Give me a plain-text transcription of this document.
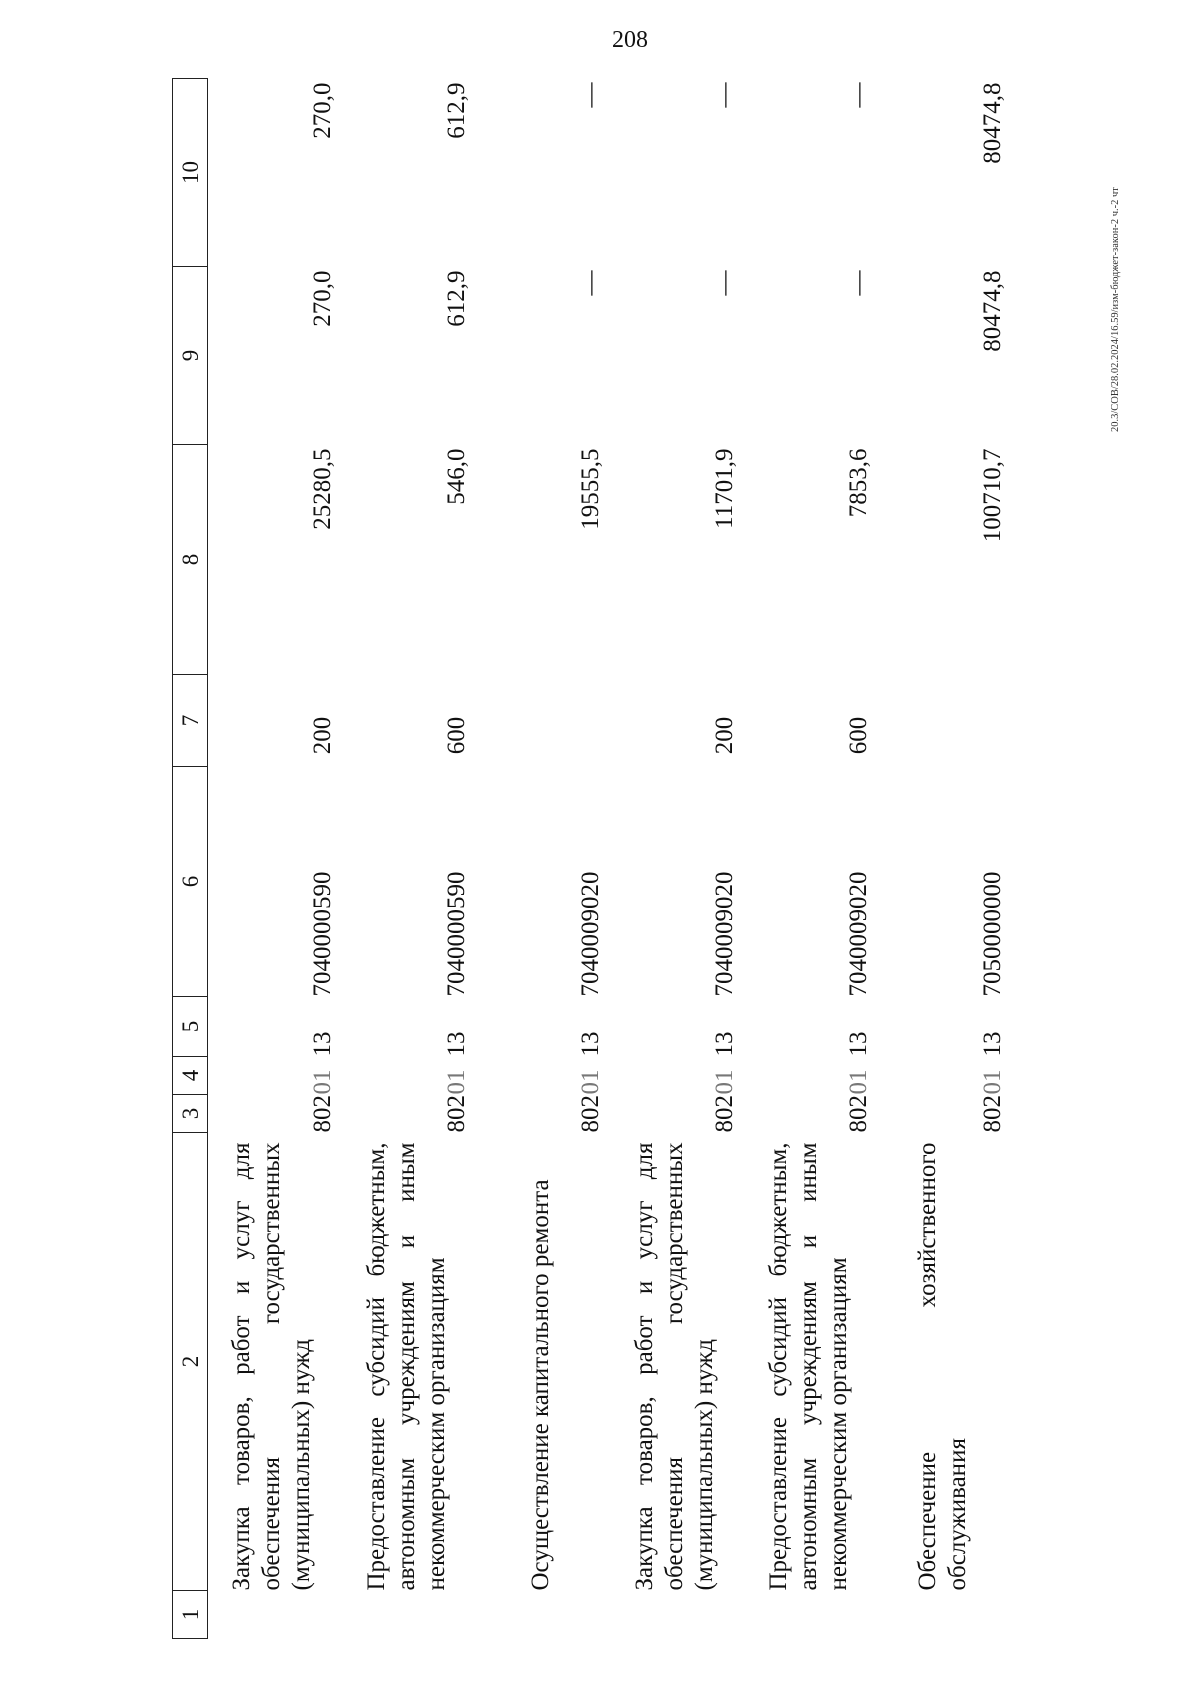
208
20.3/СОВ/28.02.2024/16.59/изм-бюджет-закон-2 ч.-2 чт
1	2	3	4	5	6	7	8	9	10

	Закупка товаров, работ и услуг для обеспечения государственных (муниципальных) нужд	802	01	13	7040000590	200	25280,5	270,0	270,0

	Предоставление субсидий бюджетным, автономным учреждениям и иным некоммерческим организациям	802	01	13	7040000590	600	546,0	612,9	612,9

	Осуществление капитального ремонта	802	01	13	7040009020		19555,5	—	—

	Закупка товаров, работ и услуг для обеспечения государственных (муниципальных) нужд	802	01	13	7040009020	200	11701,9	—	—

	Предоставление субсидий бюджетным, автономным учреждениям и иным некоммерческим организациям	802	01	13	7040009020	600	7853,6	—	—

	Обеспечение хозяйственного обслуживания	802	01	13	7050000000		100710,7	80474,8	80474,8
